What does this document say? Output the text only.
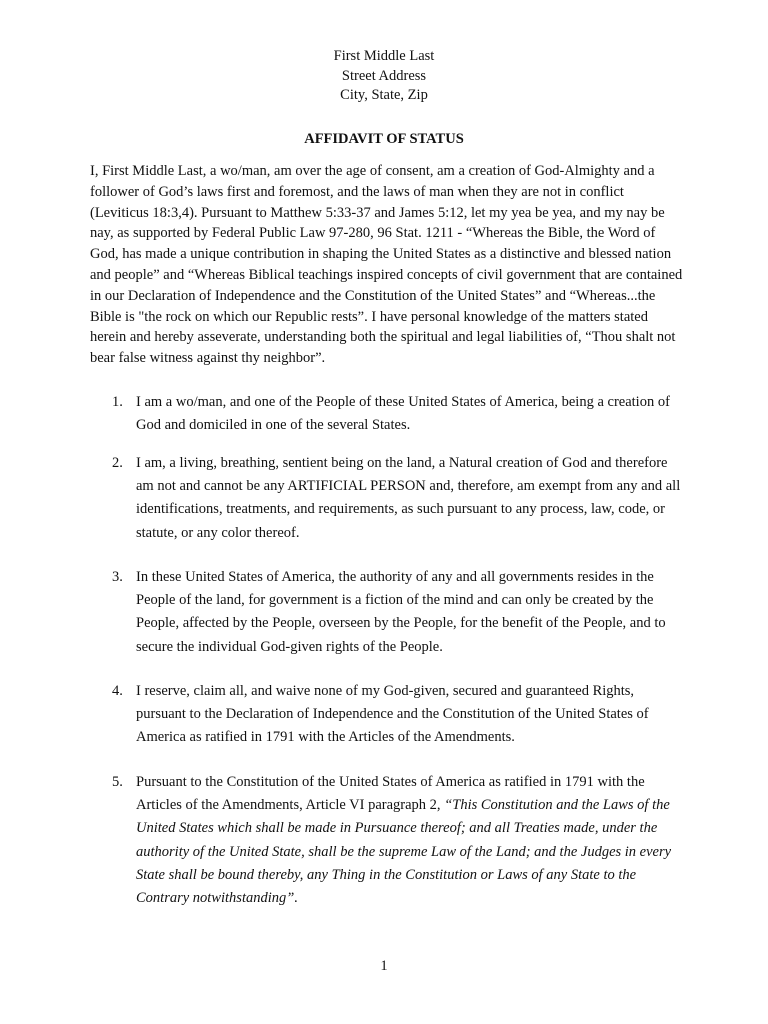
First Middle Last
Street Address
City, State, Zip
AFFIDAVIT OF STATUS

I, First Middle Last, a wo/man, am over the age of consent, am a creation of God-Almighty and a follower of God’s laws first and foremost, and the laws of man when they are not in conflict (Leviticus 18:3,4). Pursuant to Matthew 5:33-37 and James 5:12, let my yea be yea, and my nay be nay, as supported by Federal Public Law 97-280, 96 Stat. 1211 - “Whereas the Bible, the Word of God, has made a unique contribution in shaping the United States as a distinctive and blessed nation and people” and “Whereas Biblical teachings inspired concepts of civil government that are contained in our Declaration of Independence and the Constitution of the United States” and “Whereas...the Bible is "the rock on which our Republic rests”. I have personal knowledge of the matters stated herein and hereby asseverate, understanding both the spiritual and legal liabilities of, “Thou shalt not bear false witness against thy neighbor”.

1. I am a wo/man, and one of the People of these United States of America, being a creation of God and domiciled in one of the several States.

2. I am, a living, breathing, sentient being on the land, a Natural creation of God and therefore am not and cannot be any ARTIFICIAL PERSON and, therefore, am exempt from any and all identifications, treatments, and requirements, as such pursuant to any process, law, code, or statute, or any color thereof.

3. In these United States of America, the authority of any and all governments resides in the People of the land, for government is a fiction of the mind and can only be created by the People, affected by the People, overseen by the People, for the benefit of the People, and to secure the individual God-given rights of the People.

4. I reserve, claim all, and waive none of my God-given, secured and guaranteed Rights, pursuant to the Declaration of Independence and the Constitution of the United States of America as ratified in 1791 with the Articles of the Amendments.

5. Pursuant to the Constitution of the United States of America as ratified in 1791 with the Articles of the Amendments, Article VI paragraph 2, “This Constitution and the Laws of the United States which shall be made in Pursuance thereof; and all Treaties made, under the authority of the United State, shall be the supreme Law of the Land; and the Judges in every State shall be bound thereby, any Thing in the Constitution or Laws of any State to the Contrary notwithstanding”.

1
